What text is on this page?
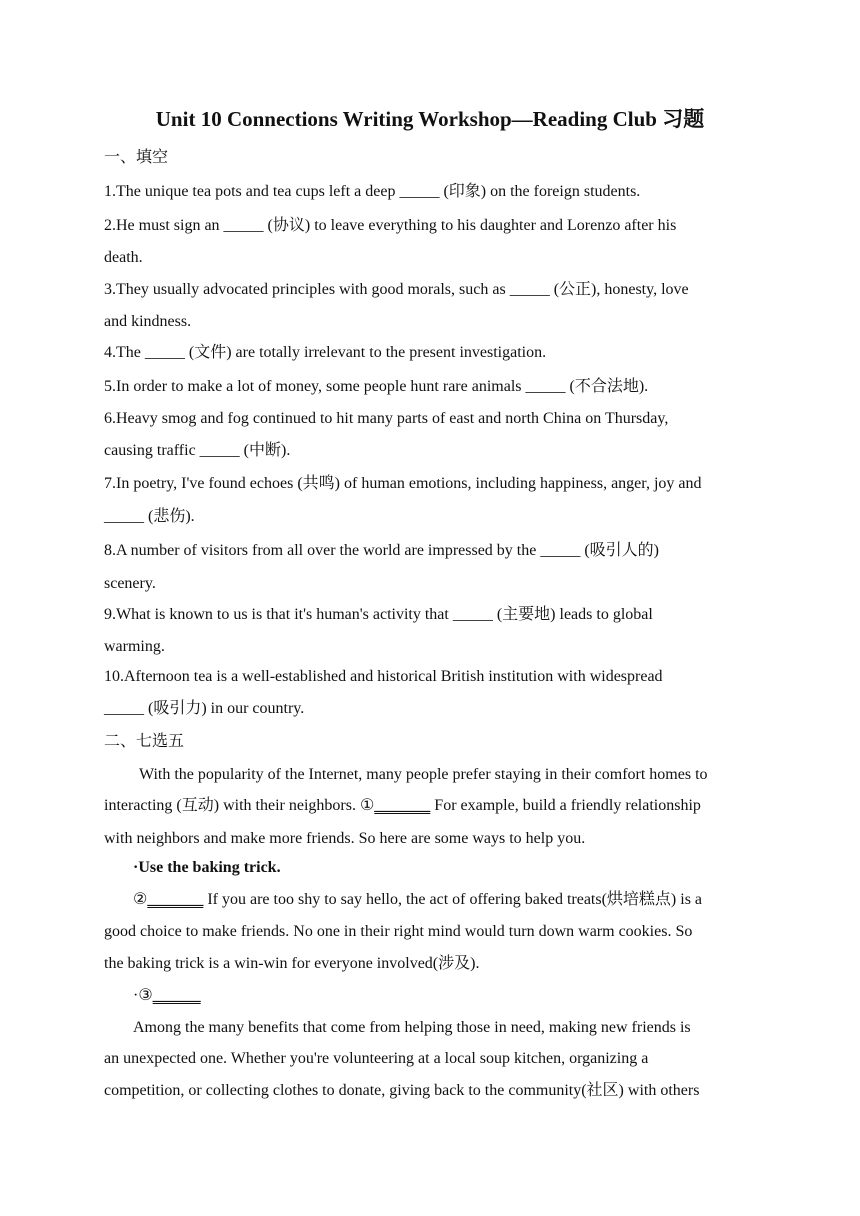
Unit 10 Connections Writing Workshop—Reading Club 习题
一、填空
1.The unique tea pots and tea cups left a deep _____ (印象) on the foreign students.
2.He must sign an _____ (协议) to leave everything to his daughter and Lorenzo after his
death.
3.They usually advocated principles with good morals, such as _____ (公正), honesty, love
and kindness.
4.The _____ (文件) are totally irrelevant to the present investigation.
5.In order to make a lot of money, some people hunt rare animals _____ (不合法地).
6.Heavy smog and fog continued to hit many parts of east and north China on Thursday,
causing traffic _____ (中断).
7.In poetry, I've found echoes (共鸣) of human emotions, including happiness, anger, joy and
_____ (悲伤).
8.A number of visitors from all over the world are impressed by the _____ (吸引人的)
scenery.
9.What is known to us is that it's human's activity that _____ (主要地) leads to global
warming.
10.Afternoon tea is a well-established and historical British institution with widespread
_____ (吸引力) in our country.
二、七选五
With the popularity of the Internet, many people prefer staying in their comfort homes to
interacting (互动) with their neighbors. ①_______ For example, build a friendly relationship
with neighbors and make more friends. So here are some ways to help you.
·Use the baking trick.
②_______ If you are too shy to say hello, the act of offering baked treats(烘培糕点) is a
good choice to make friends. No one in their right mind would turn down warm cookies. So
the baking trick is a win-win for everyone involved(涉及).
·③______
Among the many benefits that come from helping those in need, making new friends is
an unexpected one. Whether you're volunteering at a local soup kitchen, organizing a
competition, or collecting clothes to donate, giving back to the community(社区) with others
